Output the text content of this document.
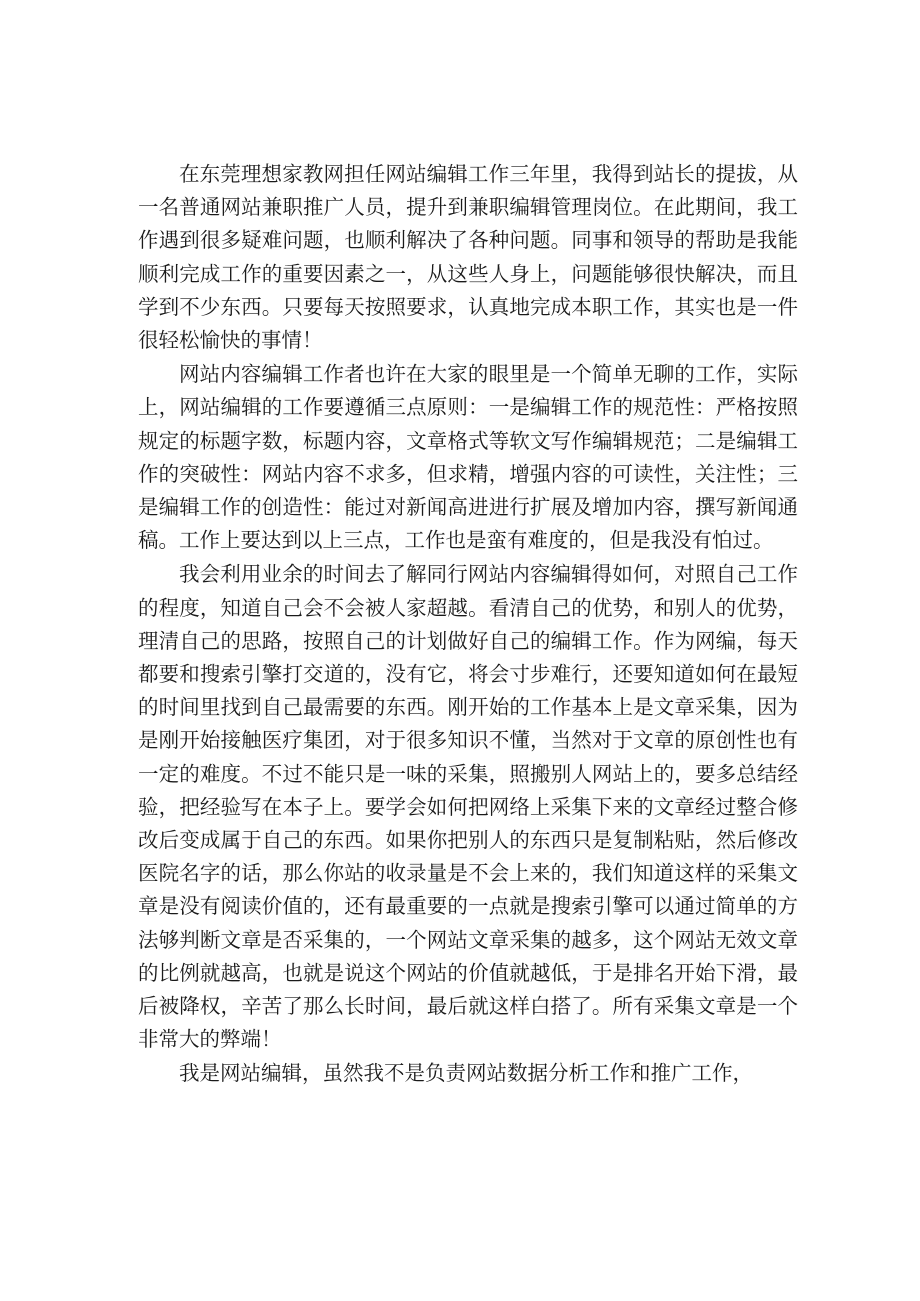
在东莞理想家教网担任网站编辑工作三年里，我得到站长的提拔，从一名普通网站兼职推广人员，提升到兼职编辑管理岗位。在此期间，我工作遇到很多疑难问题，也顺利解决了各种问题。同事和领导的帮助是我能顺利完成工作的重要因素之一，从这些人身上，问题能够很快解决，而且学到不少东西。只要每天按照要求，认真地完成本职工作，其实也是一件很轻松愉快的事情！

网站内容编辑工作者也许在大家的眼里是一个简单无聊的工作，实际上，网站编辑的工作要遵循三点原则：一是编辑工作的规范性：严格按照规定的标题字数，标题内容，文章格式等软文写作编辑规范；二是编辑工作的突破性：网站内容不求多，但求精，增强内容的可读性，关注性；三是编辑工作的创造性：能过对新闻高进进行扩展及增加内容，撰写新闻通稿。工作上要达到以上三点，工作也是蛮有难度的，但是我没有怕过。

我会利用业余的时间去了解同行网站内容编辑得如何，对照自己工作的程度，知道自己会不会被人家超越。看清自己的优势，和别人的优势，理清自己的思路，按照自己的计划做好自己的编辑工作。作为网编，每天都要和搜索引擎打交道的，没有它，将会寸步难行，还要知道如何在最短的时间里找到自己最需要的东西。刚开始的工作基本上是文章采集，因为是刚开始接触医疗集团，对于很多知识不懂，当然对于文章的原创性也有一定的难度。不过不能只是一味的采集，照搬别人网站上的，要多总结经验，把经验写在本子上。要学会如何把网络上采集下来的文章经过整合修改后变成属于自己的东西。如果你把别人的东西只是复制粘贴，然后修改医院名字的话，那么你站的收录量是不会上来的，我们知道这样的采集文章是没有阅读价值的，还有最重要的一点就是搜索引擎可以通过简单的方法够判断文章是否采集的，一个网站文章采集的越多，这个网站无效文章的比例就越高，也就是说这个网站的价值就越低，于是排名开始下滑，最后被降权，辛苦了那么长时间，最后就这样白搭了。所有采集文章是一个非常大的弊端！

我是网站编辑，虽然我不是负责网站数据分析工作和推广工作，
